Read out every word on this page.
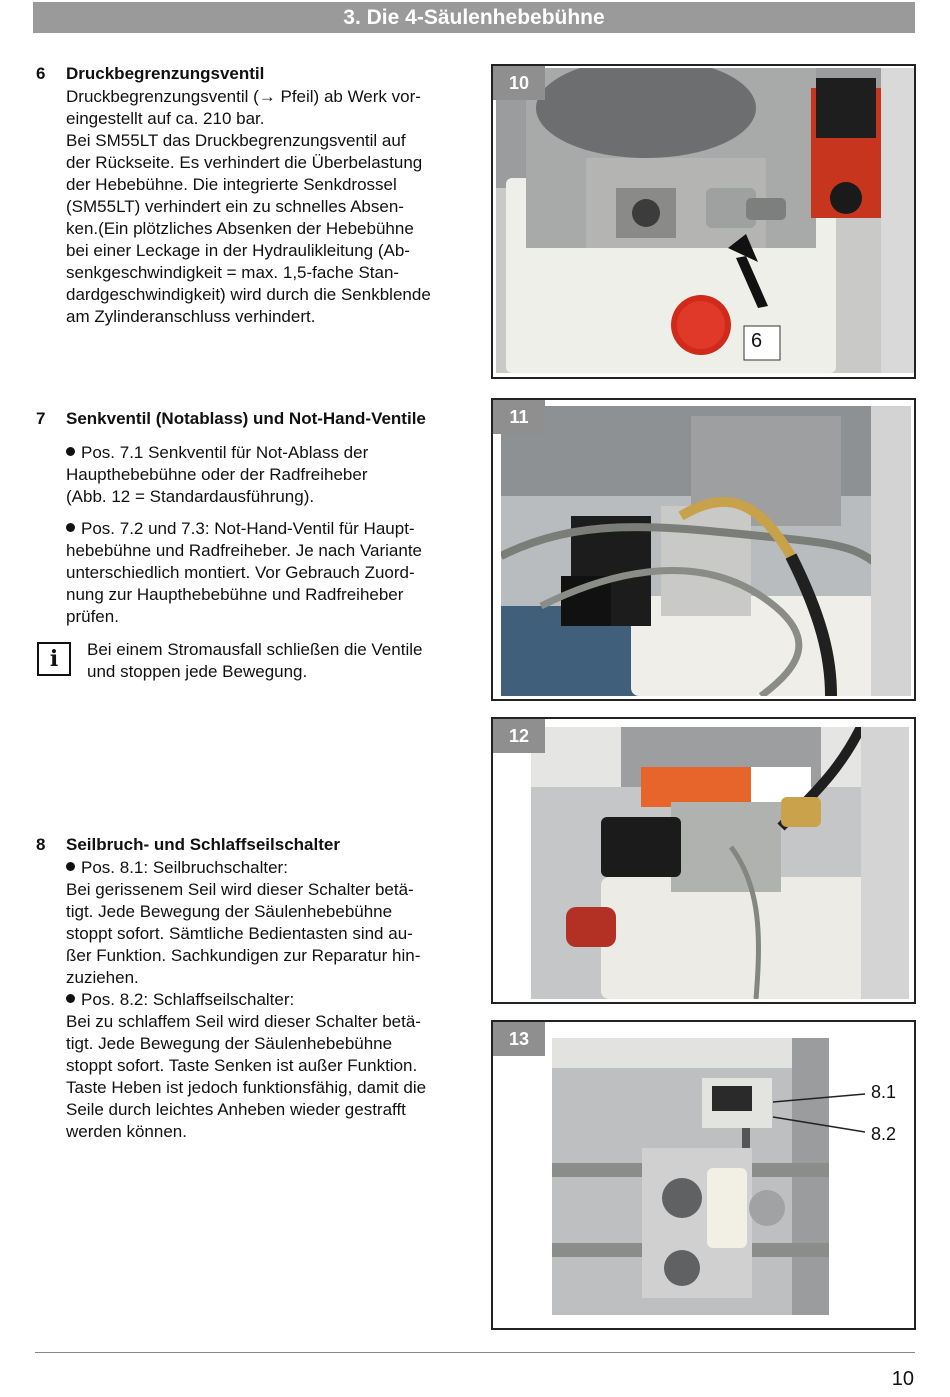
3. Die 4-Säulenhebebühne
6 Druckbegrenzungsventil

Druckbegrenzungsventil (→ Pfeil) ab Werk vor-

eingestellt auf ca. 210 bar.

Bei SM55LT das Druckbegrenzungsventil auf

der Rückseite. Es verhindert die Überbelastung

der Hebebühne. Die integrierte Senkdrossel

(SM55LT) verhindert ein zu schnelles Absen-

ken.(Ein plötzliches Absenken der Hebebühne

bei einer Leckage in der Hydraulikleitung (Ab-

senkgeschwindigkeit = max. 1,5-fache Stan-

dardgeschwindigkeit) wird durch die Senkblende

am Zylinderanschluss verhindert.

7 Senkventil (Notablass) und Not-Hand-Ventile

Pos. 7.1 Senkventil für Not-Ablass der

Haupthebebühne oder der Radfreiheber

(Abb. 12 = Standardausführung).

Pos. 7.2 und 7.3: Not-Hand-Ventil für Haupt-

hebebühne und Radfreiheber. Je nach Variante

unterschiedlich montiert. Vor Gebrauch Zuord-

nung zur Haupthebebühne und Radfreiheber

prüfen.

i	Bei einem Stromausfall schließen die Ventile

und stoppen jede Bewegung.

8 Seilbruch- und Schlaffseilschalter

Pos. 8.1: Seilbruchschalter:

Bei gerissenem Seil wird dieser Schalter betä-

tigt. Jede Bewegung der Säulenhebebühne

stoppt sofort. Sämtliche Bedientasten sind au-

ßer Funktion. Sachkundigen zur Reparatur hin-

zuziehen.

Pos. 8.2: Schlaffseilschalter:

Bei zu schlaffem Seil wird dieser Schalter betä-

tigt. Jede Bewegung der Säulenhebebühne

stoppt sofort. Taste Senken ist außer Funktion.

Taste Heben ist jedoch funktionsfähig, damit die

Seile durch leichtes Anheben wieder gestrafft

werden können.

10
6
11
12
13
8.1
8.2
10
